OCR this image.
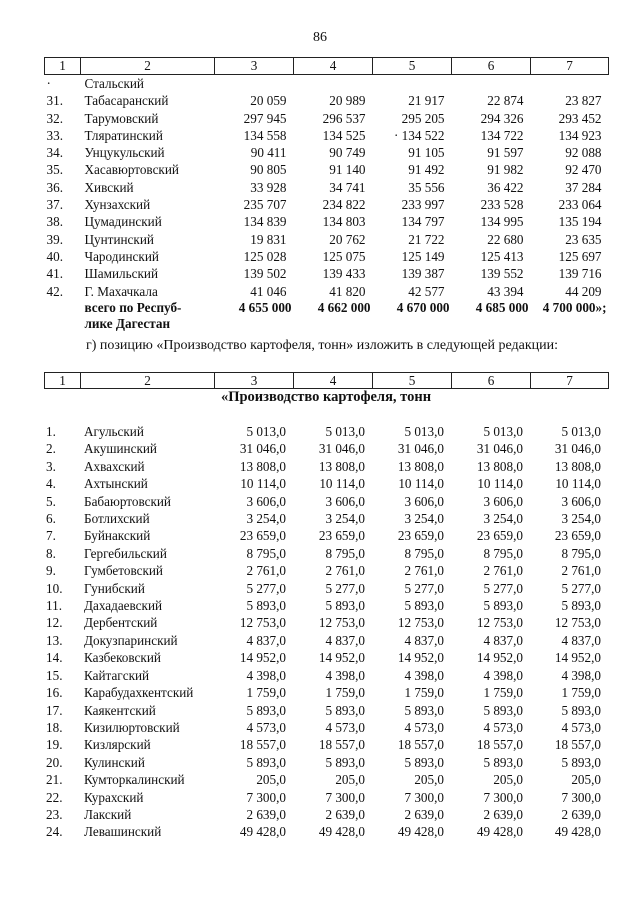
86
1	2	3	4	5	6	7
·	Стальский					
31.	Табасаранский	20 059	20 989	21 917	22 874	23 827
32.	Тарумовский	297 945	296 537	295 205	294 326	293 452
33.	Тляратинский	134 558	134 525	· 134 522	134 722	134 923
34.	Унцукульский	90 411	90 749	91 105	91 597	92 088
35.	Хасавюртовский	90 805	91 140	91 492	91 982	92 470
36.	Хивский	33 928	34 741	35 556	36 422	37 284
37.	Хунзахский	235 707	234 822	233 997	233 528	233 064
38.	Цумадинский	134 839	134 803	134 797	134 995	135 194
39.	Цунтинский	19 831	20 762	21 722	22 680	23 635
40.	Чародинский	125 028	125 075	125 149	125 413	125 697
41.	Шамильский	139 502	139 433	139 387	139 552	139 716
42.	Г. Махачкала	41 046	41 820	42 577	43 394	44 209

	всего по Респуб-
лике Дагестан	4 655 000	4 662 000	4 670 000	4 685 000	4 700 000»;
г) позицию «Производство картофеля, тонн» изложить в следующей редакции:
1	2	3	4	5	6	7
«Производство картофеля, тонн
1.	Агульский	5 013,0	5 013,0	5 013,0	5 013,0	5 013,0
2.	Акушинский	31 046,0	31 046,0	31 046,0	31 046,0	31 046,0
3.	Ахвахский	13 808,0	13 808,0	13 808,0	13 808,0	13 808,0
4.	Ахтынский	10 114,0	10 114,0	10 114,0	10 114,0	10 114,0
5.	Бабаюртовский	3 606,0	3 606,0	3 606,0	3 606,0	3 606,0
6.	Ботлихский	3 254,0	3 254,0	3 254,0	3 254,0	3 254,0
7.	Буйнакский	23 659,0	23 659,0	23 659,0	23 659,0	23 659,0
8.	Гергебильский	8 795,0	8 795,0	8 795,0	8 795,0	8 795,0
9.	Гумбетовский	2 761,0	2 761,0	2 761,0	2 761,0	2 761,0
10.	Гунибский	5 277,0	5 277,0	5 277,0	5 277,0	5 277,0
11.	Дахадаевский	5 893,0	5 893,0	5 893,0	5 893,0	5 893,0
12.	Дербентский	12 753,0	12 753,0	12 753,0	12 753,0	12 753,0
13.	Докузпаринский	4 837,0	4 837,0	4 837,0	4 837,0	4 837,0
14.	Казбековский	14 952,0	14 952,0	14 952,0	14 952,0	14 952,0
15.	Кайтагский	4 398,0	4 398,0	4 398,0	4 398,0	4 398,0
16.	Карабудахкентский	1 759,0	1 759,0	1 759,0	1 759,0	1 759,0
17.	Каякентский	5 893,0	5 893,0	5 893,0	5 893,0	5 893,0
18.	Кизилюртовский	4 573,0	4 573,0	4 573,0	4 573,0	4 573,0
19.	Кизлярский	18 557,0	18 557,0	18 557,0	18 557,0	18 557,0
20.	Кулинский	5 893,0	5 893,0	5 893,0	5 893,0	5 893,0
21.	Кумторкалинский	205,0	205,0	205,0	205,0	205,0
22.	Курахский	7 300,0	7 300,0	7 300,0	7 300,0	7 300,0
23.	Лакский	2 639,0	2 639,0	2 639,0	2 639,0	2 639,0
24.	Левашинский	49 428,0	49 428,0	49 428,0	49 428,0	49 428,0
